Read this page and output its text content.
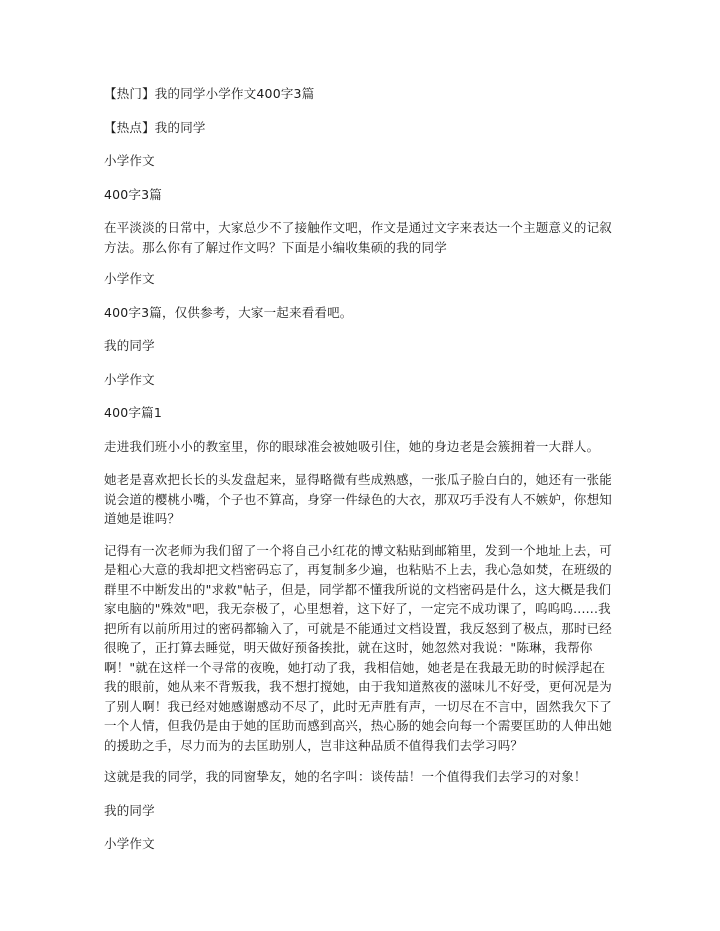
【热门】我的同学小学作文400字3篇

【热点】我的同学

小学作文

400字3篇

在平淡淡的日常中，大家总少不了接触作文吧，作文是通过文字来表达一个主题意义的记叙方法。那么你有了解过作文吗？下面是小编收集硕的我的同学

小学作文

400字3篇，仅供参考，大家一起来看看吧。

我的同学

小学作文

400字篇1

走进我们班小小的教室里，你的眼球准会被她吸引住，她的身边老是会簇拥着一大群人。

她老是喜欢把长长的头发盘起来，显得略微有些成熟感，一张瓜子脸白白的，她还有一张能说会道的樱桃小嘴，个子也不算高，身穿一件绿色的大衣，那双巧手没有人不嫉妒，你想知道她是谁吗？

记得有一次老师为我们留了一个将自己小红花的博文粘贴到邮箱里，发到一个地址上去，可是粗心大意的我却把文档密码忘了，再复制多少遍，也粘贴不上去，我心急如焚，在班级的群里不中断发出的"求救"帖子，但是，同学都不懂我所说的文档密码是什么，这大概是我们家电脑的"殊效"吧，我无奈极了，心里想着，这下好了，一定完不成功课了，呜呜呜......我把所有以前所用过的密码都输入了，可就是不能通过文档设置，我反怒到了极点，那时已经很晚了，正打算去睡觉，明天做好预备挨批，就在这时，她忽然对我说："陈琳，我帮你啊！"就在这样一个寻常的夜晚，她打动了我，我相信她，她老是在我最无助的时候浮起在我的眼前，她从来不背叛我，我不想打搅她，由于我知道熬夜的滋味儿不好受，更何况是为了别人啊！我已经对她感谢感动不尽了，此时无声胜有声，一切尽在不言中，固然我欠下了一个人情，但我仍是由于她的匡助而感到高兴，热心肠的她会向每一个需要匡助的人伸出她的援助之手，尽力而为的去匡助别人，岂非这种品质不值得我们去学习吗？

这就是我的同学，我的同窗挚友，她的名字叫：谈传喆！一个值得我们去学习的对象！

我的同学

小学作文
